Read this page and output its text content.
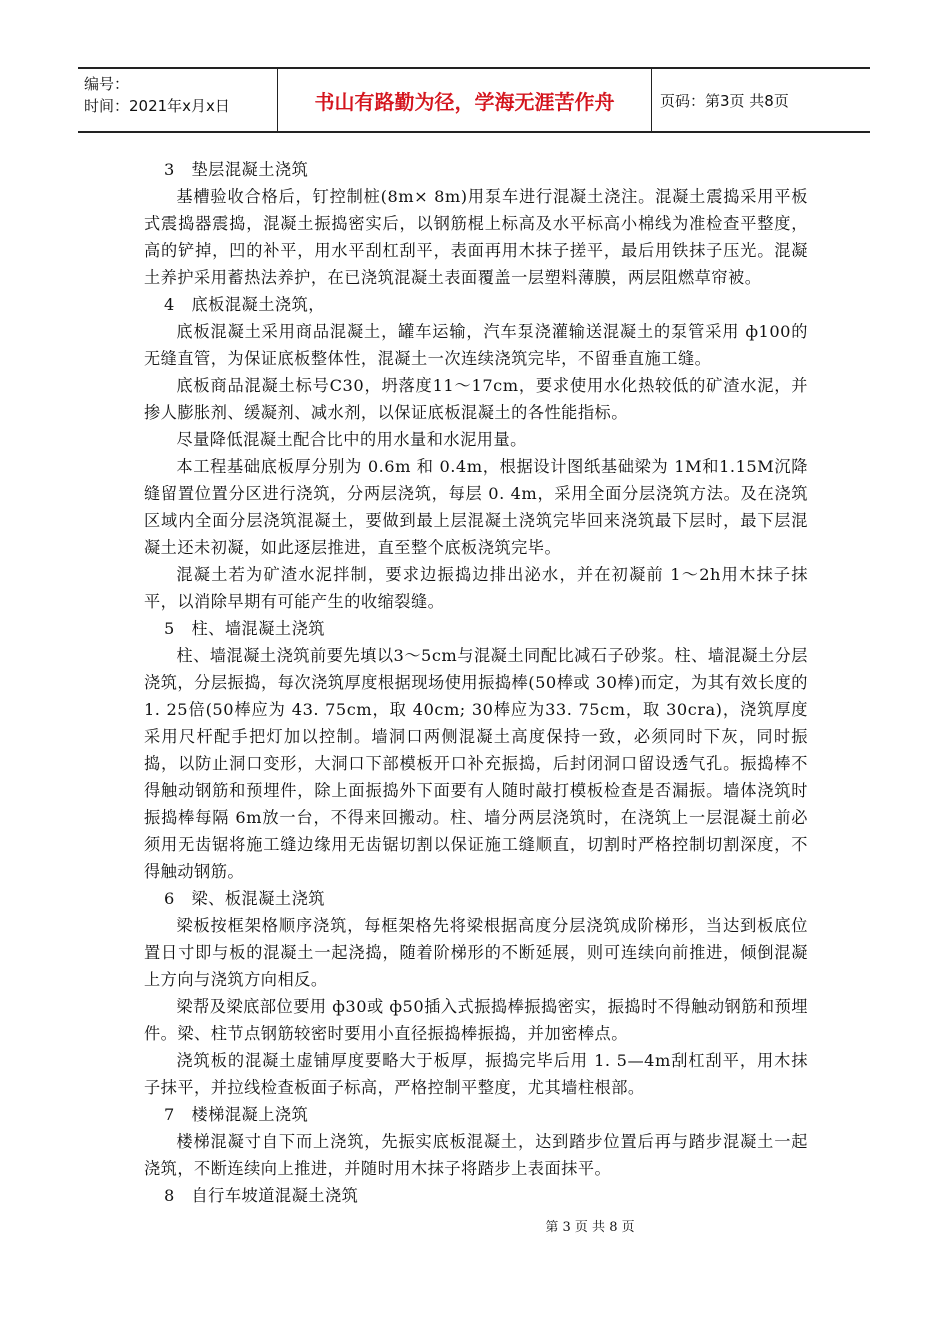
编号：
时间：2021年x月x日	书山有路勤为径，学海无涯苦作舟	页码：第3页 共8页

3　垫层混凝土浇筑

基槽验收合格后，钉控制桩(8m× 8m)用泵车进行混凝土浇注。混凝土震捣采用平板式震捣器震捣，混凝土振捣密实后，以钢筋棍上标高及水平标高小棉线为准检查平整度，高的铲掉，凹的补平，用水平刮杠刮平，表面再用木抹子搓平，最后用铁抹子压光。混凝土养护采用蓄热法养护，在已浇筑混凝土表面覆盖一层塑料薄膜，两层阻燃草帘被。

4　底板混凝土浇筑，

底板混凝土采用商品混凝土，罐车运输，汽车泵浇灌输送混凝土的泵管采用 ф100的无缝直管，为保证底板整体性，混凝土一次连续浇筑完毕，不留垂直施工缝。

底板商品混凝土标号C30，坍落度11～17cm，要求使用水化热较低的矿渣水泥，并掺人膨胀剂、缓凝剂、减水剂，以保证底板混凝土的各性能指标。

尽量降低混凝土配合比中的用水量和水泥用量。

本工程基础底板厚分别为 0.6m 和 0.4m，根据设计图纸基础梁为 1M和1.15M沉降缝留置位置分区进行浇筑，分两层浇筑，每层 0. 4m，采用全面分层浇筑方法。及在浇筑区域内全面分层浇筑混凝土，要做到最上层混凝土浇筑完毕回来浇筑最下层时，最下层混凝土还未初凝，如此逐层推进，直至整个底板浇筑完毕。

混凝土若为矿渣水泥拌制，要求边振捣边排出泌水，并在初凝前 1～2h用木抹子抹平，以消除早期有可能产生的收缩裂缝。

5　柱、墙混凝土浇筑

柱、墙混凝土浇筑前要先填以3～5cm与混凝土同配比减石子砂浆。柱、墙混凝土分层浇筑，分层振捣，每次浇筑厚度根据现场使用振捣棒(50棒或 30棒)而定，为其有效长度的 1. 25倍(50棒应为 43. 75cm，取 40cm; 30棒应为33. 75cm，取 30cra)，浇筑厚度采用尺杆配手把灯加以控制。墙洞口两侧混凝土高度保持一致，必须同时下灰，同时振捣，以防止洞口变形，大洞口下部模板开口补充振捣，后封闭洞口留设透气孔。振捣棒不得触动钢筋和预埋件，除上面振捣外下面要有人随时敲打模板检查是否漏振。墙体浇筑时振捣棒每隔 6m放一台，不得来回搬动。柱、墙分两层浇筑时，在浇筑上一层混凝土前必须用无齿锯将施工缝边缘用无齿锯切割以保证施工缝顺直，切割时严格控制切割深度，不得触动钢筋。

6　梁、板混凝土浇筑

梁板按框架格顺序浇筑，每框架格先将梁根据高度分层浇筑成阶梯形，当达到板底位置日寸即与板的混凝土一起浇捣，随着阶梯形的不断延展，则可连续向前推进，倾倒混凝上方向与浇筑方向相反。

梁帮及梁底部位要用 ф30或 ф50插入式振捣棒振捣密实，振捣时不得触动钢筋和预埋件。梁、柱节点钢筋较密时要用小直径振捣棒振捣，并加密棒点。

浇筑板的混凝土虚铺厚度要略大于板厚，振捣完毕后用 1. 5—4m刮杠刮平，用木抹子抹平，并拉线检查板面子标高，严格控制平整度，尤其墙柱根部。

7　楼梯混凝上浇筑

楼梯混凝寸自下而上浇筑，先振实底板混凝土，达到踏步位置后再与踏步混凝土一起浇筑，不断连续向上推进，并随时用木抹子将踏步上表面抹平。

8　自行车坡道混凝土浇筑

第 3 页 共 8 页
